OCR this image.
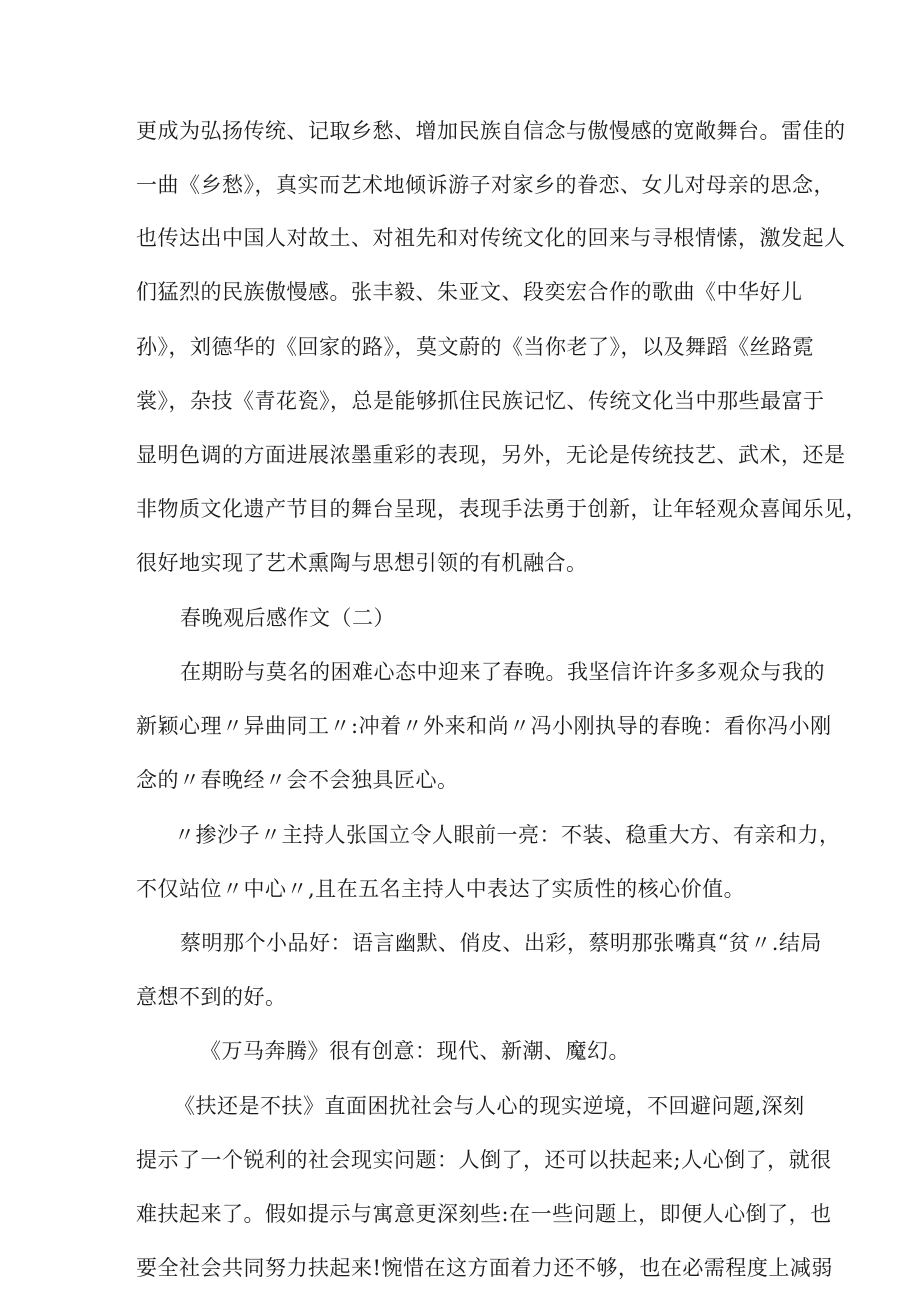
更成为弘扬传统、记取乡愁、增加民族自信念与傲慢感的宽敞舞台。雷佳的
一曲《乡愁》，真实而艺术地倾诉游子对家乡的眷恋、女儿对母亲的思念，
也传达出中国人对故土、对祖先和对传统文化的回来与寻根情愫，激发起人
们猛烈的民族傲慢感。张丰毅、朱亚文、段奕宏合作的歌曲《中华好儿
孙》，刘德华的《回家的路》，莫文蔚的《当你老了》，以及舞蹈《丝路霓
裳》，杂技《青花瓷》，总是能够抓住民族记忆、传统文化当中那些最富于
显明色调的方面进展浓墨重彩的表现，另外，无论是传统技艺、武术，还是
非物质文化遗产节目的舞台呈现，表现手法勇于创新，让年轻观众喜闻乐见，
很好地实现了艺术熏陶与思想引领的有机融合。
春晚观后感作文（二）
在期盼与莫名的困难心态中迎来了春晚。我坚信许许多多观众与我的
新颖心理〃异曲同工〃:冲着〃外来和尚〃冯小刚执导的春晚：看你冯小刚
念的〃春晚经〃会不会独具匠心。
〃掺沙子〃主持人张国立令人眼前一亮：不装、稳重大方、有亲和力，
不仅站位〃中心〃,且在五名主持人中表达了实质性的核心价值。
蔡明那个小品好：语言幽默、俏皮、出彩，蔡明那张嘴真“贫〃.结局
意想不到的好。
《万马奔腾》很有创意：现代、新潮、魔幻。
《扶还是不扶》直面困扰社会与人心的现实逆境，不回避问题,深刻
提示了一个锐利的社会现实问题：人倒了，还可以扶起来;人心倒了，就很
难扶起来了。假如提示与寓意更深刻些:在一些问题上，即便人心倒了，也
要全社会共同努力扶起来!惋惜在这方面着力还不够，也在必需程度上减弱
